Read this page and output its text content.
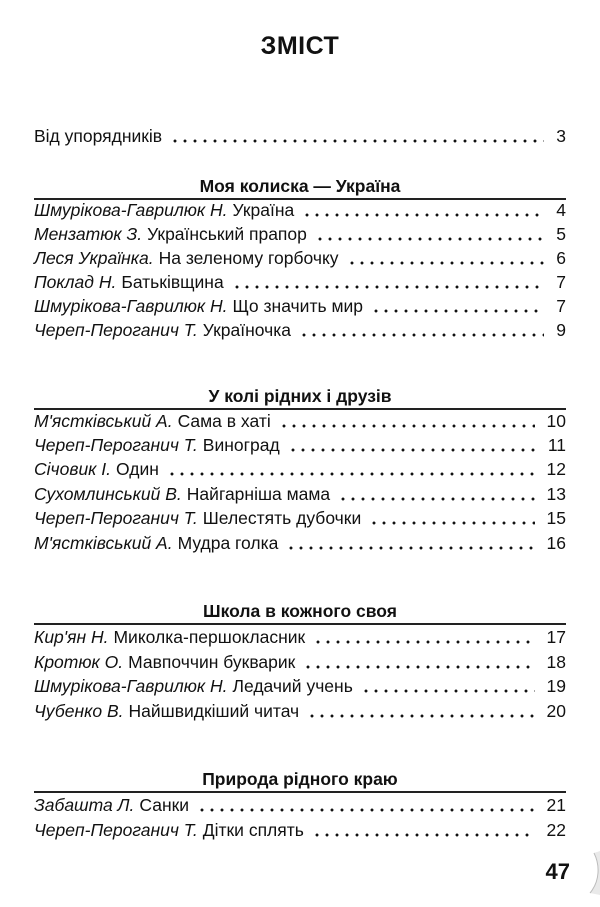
ЗМІСТ
Від упорядників	3
Моя колиска — Україна
Шмурікова-Гаврилюк Н. Україна	4
Мензатюк З. Український прапор	5
Леся Українка. На зеленому горбочку	6
Поклад Н. Батьківщина	7
Шмурікова-Гаврилюк Н. Що значить мир	7
Череп-Пероганич Т. Україночка	9
У колі рідних і друзів
М'ястківський А. Сама в хаті	10
Череп-Пероганич Т. Виноград	11
Січовик І. Один	12
Сухомлинський В. Найгарніша мама	13
Череп-Пероганич Т. Шелестять дубочки	15
М'ястківський А. Мудра голка	16
Школа в кожного своя
Кир'ян Н. Миколка-першокласник	17
Кротюк О. Мавпоччин букварик	18
Шмурікова-Гаврилюк Н. Ледачий учень	19
Чубенко В. Найшвидкіший читач	20
Природа рідного краю
Забашта Л. Санки	21
Череп-Пероганич Т. Дітки сплять	22
47
